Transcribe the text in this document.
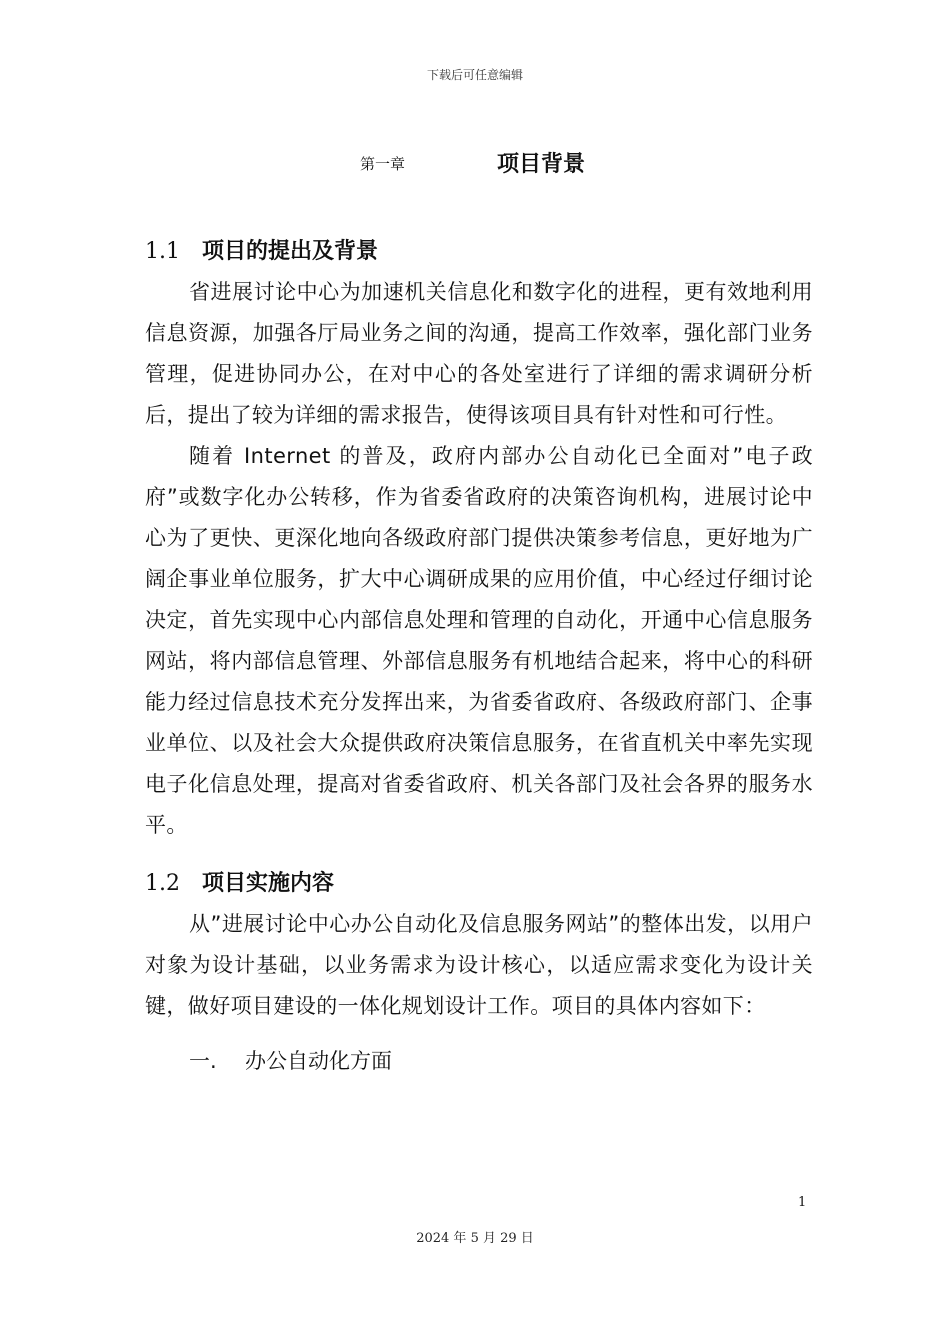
下载后可任意编辑
第一章	项目背景
1.1 项目的提出及背景

省进展讨论中心为加速机关信息化和数字化的进程，更有效地利用信息资源，加强各厅局业务之间的沟通，提高工作效率，强化部门业务管理，促进协同办公，在对中心的各处室进行了详细的需求调研分析后，提出了较为详细的需求报告，使得该项目具有针对性和可行性。

随着 Internet 的普及，政府内部办公自动化已全面对”电子政府”或数字化办公转移，作为省委省政府的决策咨询机构，进展讨论中心为了更快、更深化地向各级政府部门提供决策参考信息，更好地为广阔企事业单位服务，扩大中心调研成果的应用价值，中心经过仔细讨论决定，首先实现中心内部信息处理和管理的自动化，开通中心信息服务网站，将内部信息管理、外部信息服务有机地结合起来，将中心的科研能力经过信息技术充分发挥出来，为省委省政府、各级政府部门、企事业单位、以及社会大众提供政府决策信息服务，在省直机关中率先实现电子化信息处理，提高对省委省政府、机关各部门及社会各界的服务水平。

1.2 项目实施内容

从”进展讨论中心办公自动化及信息服务网站”的整体出发，以用户对象为设计基础，以业务需求为设计核心，以适应需求变化为设计关键，做好项目建设的一体化规划设计工作。项目的具体内容如下：

一. 办公自动化方面
1
2024 年 5 月 29 日
